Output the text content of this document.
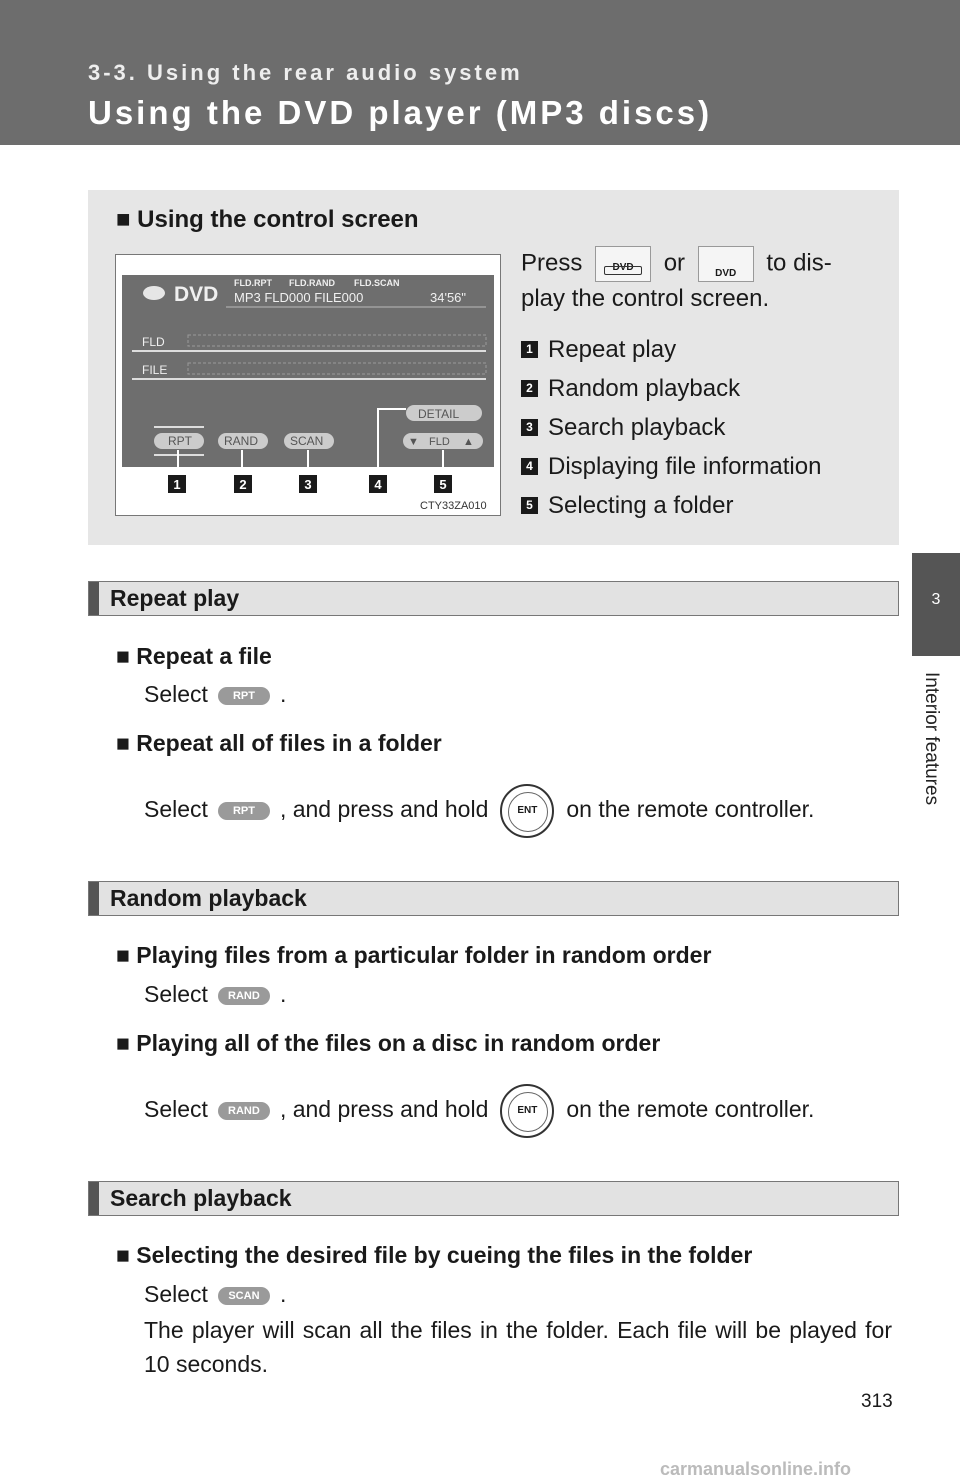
3-3. Using the rear audio system
Using the DVD player (MP3 discs)
3
Interior features
■ Using the control screen
DVD FLD.RPT FLD.RAND FLD.SCAN
MP3 FLD000 FILE000	34'56"
FLD
FILE
DETAIL
RPT	RAND	SCAN	▼ FLD ▲
1	2	3	4	5
CTY33ZA010
Press	DVD	or	DVD	to dis- play the control screen.
1 Repeat play
2 Random playback
3 Search playback
4 Displaying file information
5 Selecting a folder
Repeat play
■ Repeat a file
Select RPT .
■ Repeat all of files in a folder
Select RPT , and press and hold	ENT	on the remote controller.
Random playback
■ Playing files from a particular folder in random order
Select RAND .
■ Playing all of the files on a disc in random order
Select RAND , and press and hold	ENT	on the remote controller.
Search playback
■ Selecting the desired file by cueing the files in the folder
Select SCAN .
The player will scan all the files in the folder. Each file will be played for 10 seconds.
313
carmanualsonline.info
